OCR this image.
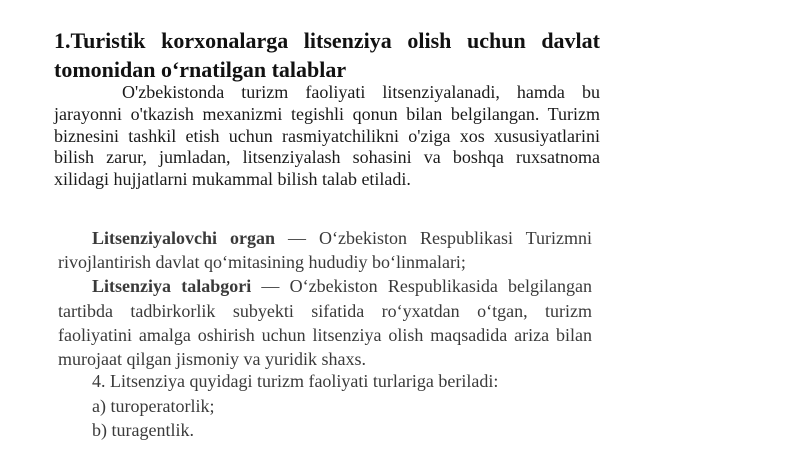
1.Turistik korxonalarga litsenziya olish uchun davlat tomonidan o‘rnatilgan talablar

O'zbekistonda turizm faoliyati litsenziyalanadi, hamda bu jarayonni o'tkazish mexanizmi tegishli qonun bilan belgilangan. Turizm biznesini tashkil etish uchun rasmiyatchilikni o'ziga xos xususiyatlarini bilish zarur, jumladan, litsenziyalash sohasini va boshqa ruxsatnoma xilidagi hujjatlarni mukammal bilish talab etiladi.

Litsenziyalovchi organ — O‘zbekiston Respublikasi Turizmni rivojlantirish davlat qo‘mitasining hududiy bo‘linmalari;

Litsenziya talabgori — O‘zbekiston Respublikasida belgilangan tartibda tadbirkorlik subyekti sifatida ro‘yxatdan o‘tgan, turizm faoliyatini amalga oshirish uchun litsenziya olish maqsadida ariza bilan murojaat qilgan jismoniy va yuridik shaxs.

4. Litsenziya quyidagi turizm faoliyati turlariga beriladi:

a) turoperatorlik;

b) turagentlik.
